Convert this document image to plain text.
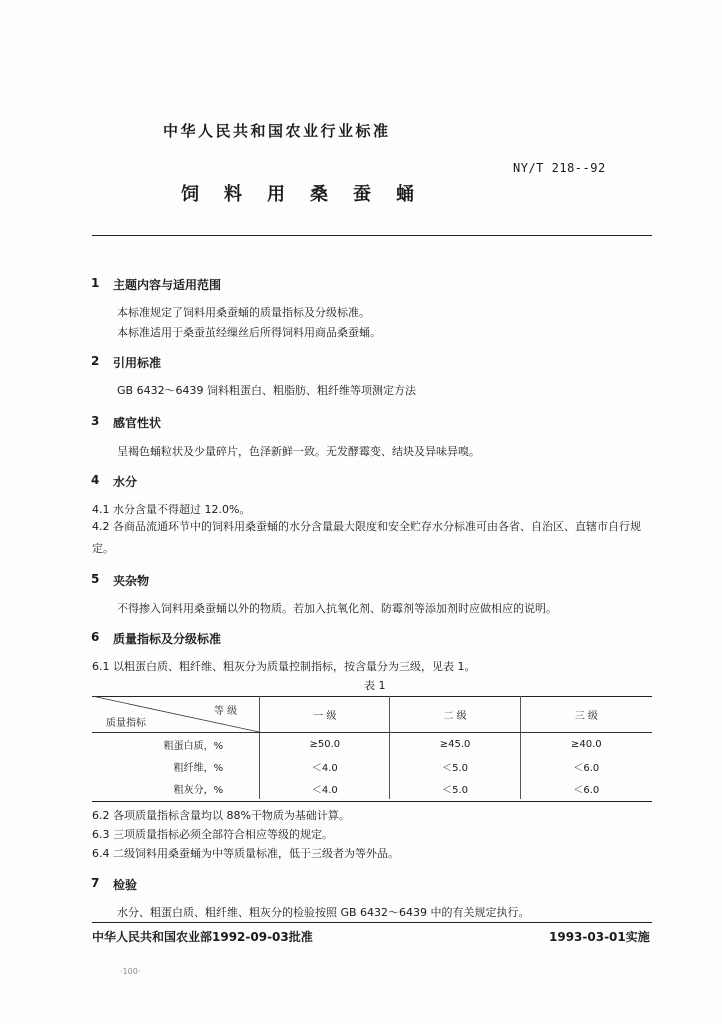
中华人民共和国农业行业标准
NY/T 218--92
饲料用桑蚕蛹
1 主题内容与适用范围
本标准规定了饲料用桑蚕蛹的质量指标及分级标准。
本标准适用于桑蚕茧经缫丝后所得饲料用商品桑蚕蛹。
2 引用标准
GB 6432～6439 饲料粗蛋白、粗脂肪、粗纤维等项测定方法
3 感官性状
呈褐色蛹粒状及少量碎片，色泽新鲜一致。无发酵霉变、结块及异味异嗅。
4 水分
4.1 水分含量不得超过 12.0%。
4.2 各商品流通环节中的饲料用桑蚕蛹的水分含量最大限度和安全贮存水分标准可由各省、自治区、直辖市自行规定。
5 夹杂物
不得掺入饲料用桑蚕蛹以外的物质。若加入抗氧化剂、防霉剂等添加剂时应做相应的说明。
6 质量指标及分级标准
6.1 以粗蛋白质、粗纤维、粗灰分为质量控制指标，按含量分为三级，见表 1。
表 1
等 级
质量指标	一 级	二 级	三 级
粗蛋白质，%	≥50.0	≥45.0	≥40.0
粗纤维，%	＜4.0	＜5.0	＜6.0
粗灰分，%	＜4.0	＜5.0	＜6.0
6.2 各项质量指标含量均以 88%干物质为基础计算。
6.3 三项质量指标必须全部符合相应等级的规定。
6.4 二级饲料用桑蚕蛹为中等质量标准，低于三级者为等外品。
7 检验
水分、粗蛋白质、粗纤维、粗灰分的检验按照 GB 6432～6439 中的有关规定执行。
中华人民共和国农业部1992-09-03批准	1993-03-01实施
·100·
